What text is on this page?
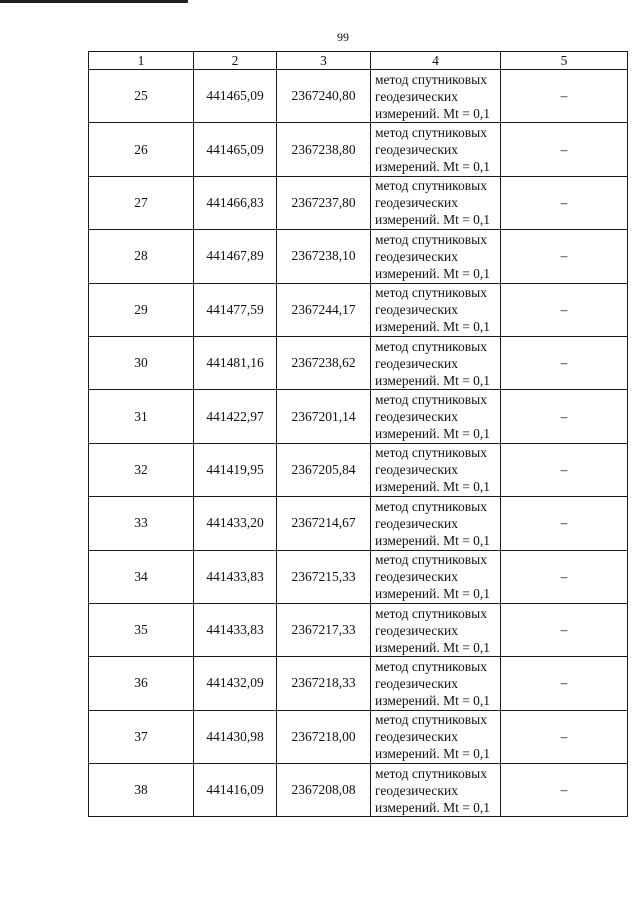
99
1	2	3	4	5
25	441465,09	2367240,80	метод спутниковых
геодезических
измерений. Mt = 0,1	–
26	441465,09	2367238,80	метод спутниковых
геодезических
измерений. Mt = 0,1	–
27	441466,83	2367237,80	метод спутниковых
геодезических
измерений. Mt = 0,1	–
28	441467,89	2367238,10	метод спутниковых
геодезических
измерений. Mt = 0,1	–
29	441477,59	2367244,17	метод спутниковых
геодезических
измерений. Mt = 0,1	–
30	441481,16	2367238,62	метод спутниковых
геодезических
измерений. Mt = 0,1	–
31	441422,97	2367201,14	метод спутниковых
геодезических
измерений. Mt = 0,1	–
32	441419,95	2367205,84	метод спутниковых
геодезических
измерений. Mt = 0,1	–
33	441433,20	2367214,67	метод спутниковых
геодезических
измерений. Mt = 0,1	–
34	441433,83	2367215,33	метод спутниковых
геодезических
измерений. Mt = 0,1	–
35	441433,83	2367217,33	метод спутниковых
геодезических
измерений. Mt = 0,1	–
36	441432,09	2367218,33	метод спутниковых
геодезических
измерений. Mt = 0,1	–
37	441430,98	2367218,00	метод спутниковых
геодезических
измерений. Mt = 0,1	–
38	441416,09	2367208,08	метод спутниковых
геодезических
измерений. Mt = 0,1	–
